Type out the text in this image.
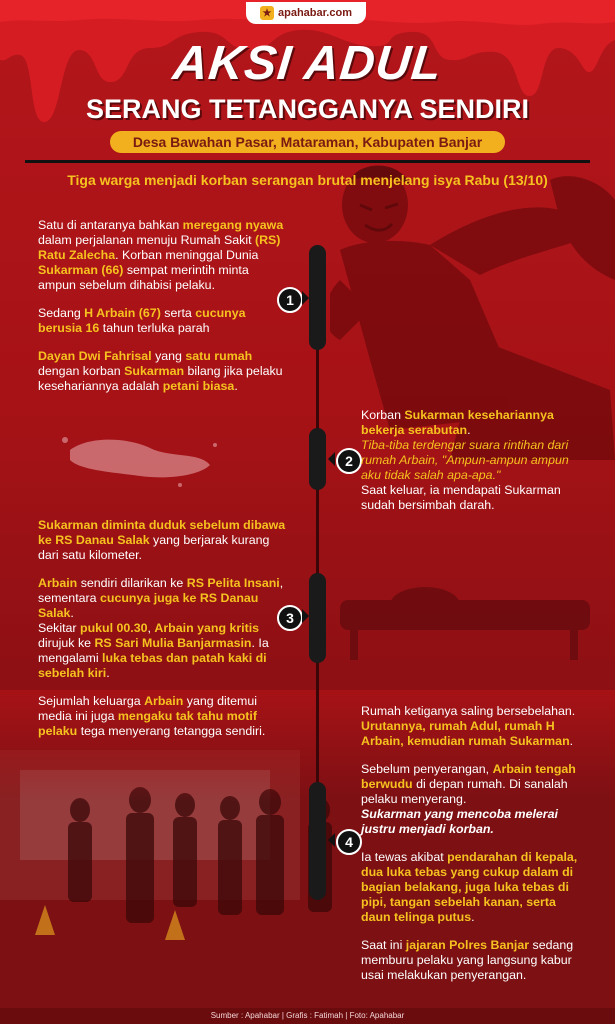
★ apahabar.com
AKSI ADUL
SERANG TETANGGANYA SENDIRI
Desa Bawahan Pasar, Mataraman, Kabupaten Banjar
Tiga warga menjadi korban serangan brutal menjelang isya Rabu (13/10)
1
2
3
4

Satu di antaranya bahkan meregang nyawa dalam perjalanan menuju Rumah Sakit (RS) Ratu Zalecha. Korban meninggal Dunia Sukarman (66) sempat merintih minta ampun sebelum dihabisi pelaku.

Sedang H Arbain (67) serta cucunya berusia 16 tahun terluka parah

Dayan Dwi Fahrisal yang satu rumah dengan korban Sukarman bilang jika pelaku kesehariannya adalah petani biasa.

Korban Sukarman kesehariannya bekerja serabutan.

Tiba-tiba terdengar suara rintihan dari rumah Arbain, "Ampun-ampun ampun aku tidak salah apa-apa."

Saat keluar, ia mendapati Sukarman sudah bersimbah darah.

Sukarman diminta duduk sebelum dibawa ke RS Danau Salak yang berjarak kurang dari satu kilometer.

Arbain sendiri dilarikan ke RS Pelita Insani, sementara cucunya juga ke RS Danau Salak.

Sekitar pukul 00.30, Arbain yang kritis dirujuk ke RS Sari Mulia Banjarmasin. Ia mengalami luka tebas dan patah kaki di sebelah kiri.

Sejumlah keluarga Arbain yang ditemui media ini juga mengaku tak tahu motif pelaku tega menyerang tetangga sendiri.

Rumah ketiganya saling bersebelahan. Urutannya, rumah Adul, rumah H Arbain, kemudian rumah Sukarman.

Sebelum penyerangan, Arbain tengah berwudu di depan rumah. Di sanalah pelaku menyerang.

Sukarman yang mencoba melerai justru menjadi korban.

Ia tewas akibat pendarahan di kepala, dua luka tebas yang cukup dalam di bagian belakang, juga luka tebas di pipi, tangan sebelah kanan, serta daun telinga putus.

Saat ini jajaran Polres Banjar sedang memburu pelaku yang langsung kabur usai melakukan penyerangan.

Sumber : Apahabar | Grafis : Fatimah | Foto: Apahabar
